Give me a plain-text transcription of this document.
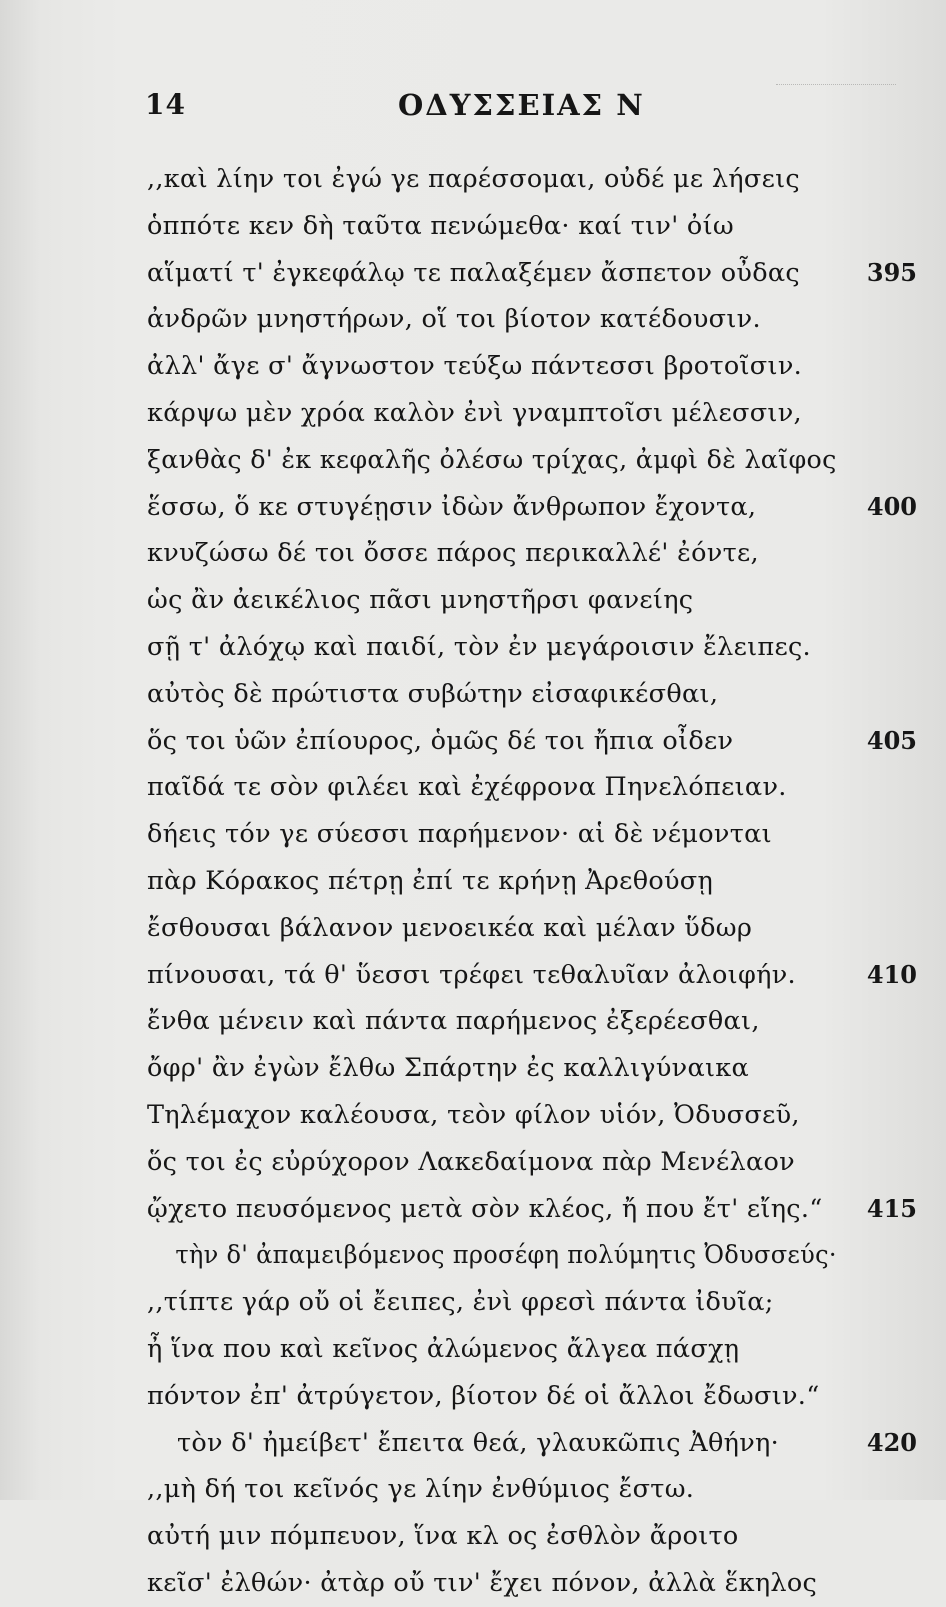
14	ΟΔΥΣΣΕΙΑΣ Ν
,,καὶ λίην τοι ἐγώ γε παρέσσομαι, οὐδέ με λήσεις
ὁππότε κεν δὴ ταῦτα πενώμεθα· καί τιν' ὀίω
αἵματί τ' ἐγκεφάλῳ τε παλαξέμεν ἄσπετον οὖδας	395
ἀνδρῶν μνηστήρων, οἵ τοι βίοτον κατέδουσιν.
ἀλλ' ἄγε σ' ἄγνωστον τεύξω πάντεσσι βροτοῖσιν.
κάρψω μὲν χρόα καλὸν ἐνὶ γναμπτοῖσι μέλεσσιν,
ξανθὰς δ' ἐκ κεφαλῆς ὀλέσω τρίχας, ἀμφὶ δὲ λαῖφος
ἕσσω, ὅ κε στυγέῃσιν ἰδὼν ἄνθρωπον ἔχοντα,	400
κνυζώσω δέ τοι ὄσσε πάρος περικαλλέ' ἐόντε,
ὡς ἂν ἀεικέλιος πᾶσι μνηστῆρσι φανείης
σῇ τ' ἀλόχῳ καὶ παιδί, τὸν ἐν μεγάροισιν ἔλειπες.
αὐτὸς δὲ πρώτιστα συβώτην εἰσαφικέσθαι,
ὅς τοι ὑῶν ἐπίουρος, ὁμῶς δέ τοι ἤπια οἶδεν	405
παῖδά τε σὸν φιλέει καὶ ἐχέφρονα Πηνελόπειαν.
δήεις τόν γε σύεσσι παρήμενον· αἱ δὲ νέμονται
πὰρ Κόρακος πέτρῃ ἐπί τε κρήνῃ Ἀρεθούσῃ
ἔσθουσαι βάλανον μενοεικέα καὶ μέλαν ὕδωρ
πίνουσαι, τά θ' ὕεσσι τρέφει τεθαλυῖαν ἀλοιφήν.	410
ἔνθα μένειν καὶ πάντα παρήμενος ἐξερέεσθαι,
ὄφρ' ἂν ἐγὼν ἔλθω Σπάρτην ἐς καλλιγύναικα
Τηλέμαχον καλέουσα, τεὸν φίλον υἱόν, Ὀδυσσεῦ,
ὅς τοι ἐς εὐρύχορον Λακεδαίμονα πὰρ Μενέλαον
ᾤχετο πευσόμενος μετὰ σὸν κλέος, ἤ που ἔτ' εἴης.“	415
τὴν δ' ἀπαμειβόμενος προσέφη πολύμητις Ὀδυσσεύς·
,,τίπτε γάρ οὔ οἱ ἔειπες, ἐνὶ φρεσὶ πάντα ἰδυῖα;
ἦ ἵνα που καὶ κεῖνος ἀλώμενος ἄλγεα πάσχῃ
πόντον ἐπ' ἀτρύγετον, βίοτον δέ οἱ ἄλλοι ἔδωσιν.“
τὸν δ' ἠμείβετ' ἔπειτα θεά, γλαυκῶπις Ἀθήνη·	420
,,μὴ δή τοι κεῖνός γε λίην ἐνθύμιος ἔστω.
αὐτή μιν πόμπευον, ἵνα κλ ος ἐσθλὸν ἄροιτο
κεῖσ' ἐλθών· ἀτὰρ οὔ τιν' ἔχει πόνον, ἀλλὰ ἕκηλος
